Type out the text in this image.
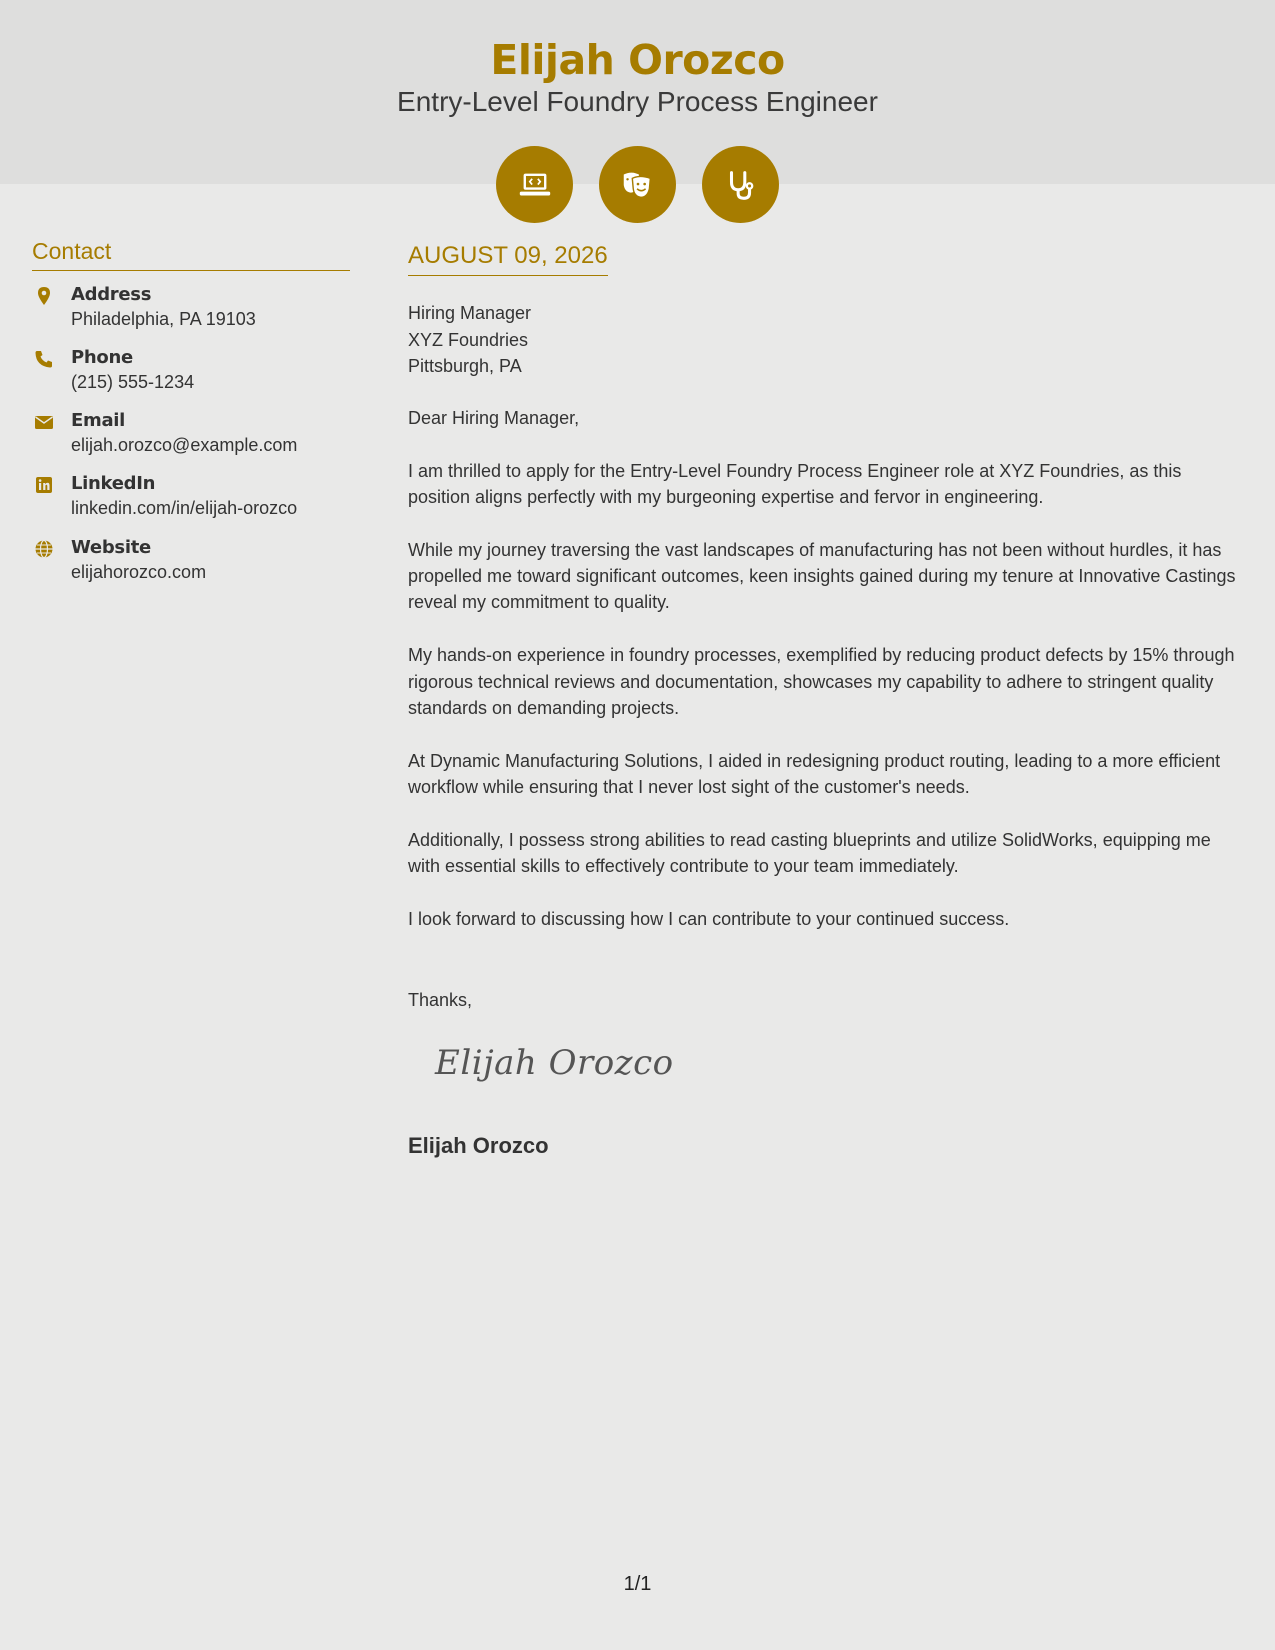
Elijah Orozco
Entry-Level Foundry Process Engineer
Contact
Address
Philadelphia, PA 19103
Phone
(215) 555-1234
Email
elijah.orozco@example.com
LinkedIn
linkedin.com/in/elijah-orozco
Website
elijahorozco.com
AUGUST 09, 2026
Hiring Manager
XYZ Foundries
Pittsburgh, PA

Dear Hiring Manager,

I am thrilled to apply for the Entry-Level Foundry Process Engineer role at XYZ Foundries, as this position aligns perfectly with my burgeoning expertise and fervor in engineering.

While my journey traversing the vast landscapes of manufacturing has not been without hurdles, it has propelled me toward significant outcomes, keen insights gained during my tenure at Innovative Castings reveal my commitment to quality.

My hands-on experience in foundry processes, exemplified by reducing product defects by 15% through rigorous technical reviews and documentation, showcases my capability to adhere to stringent quality standards on demanding projects.

At Dynamic Manufacturing Solutions, I aided in redesigning product routing, leading to a more efficient workflow while ensuring that I never lost sight of the customer's needs.

Additionally, I possess strong abilities to read casting blueprints and utilize SolidWorks, equipping me with essential skills to effectively contribute to your team immediately.

I look forward to discussing how I can contribute to your continued success.

Thanks,
Elijah Orozco
Elijah Orozco
1/1
